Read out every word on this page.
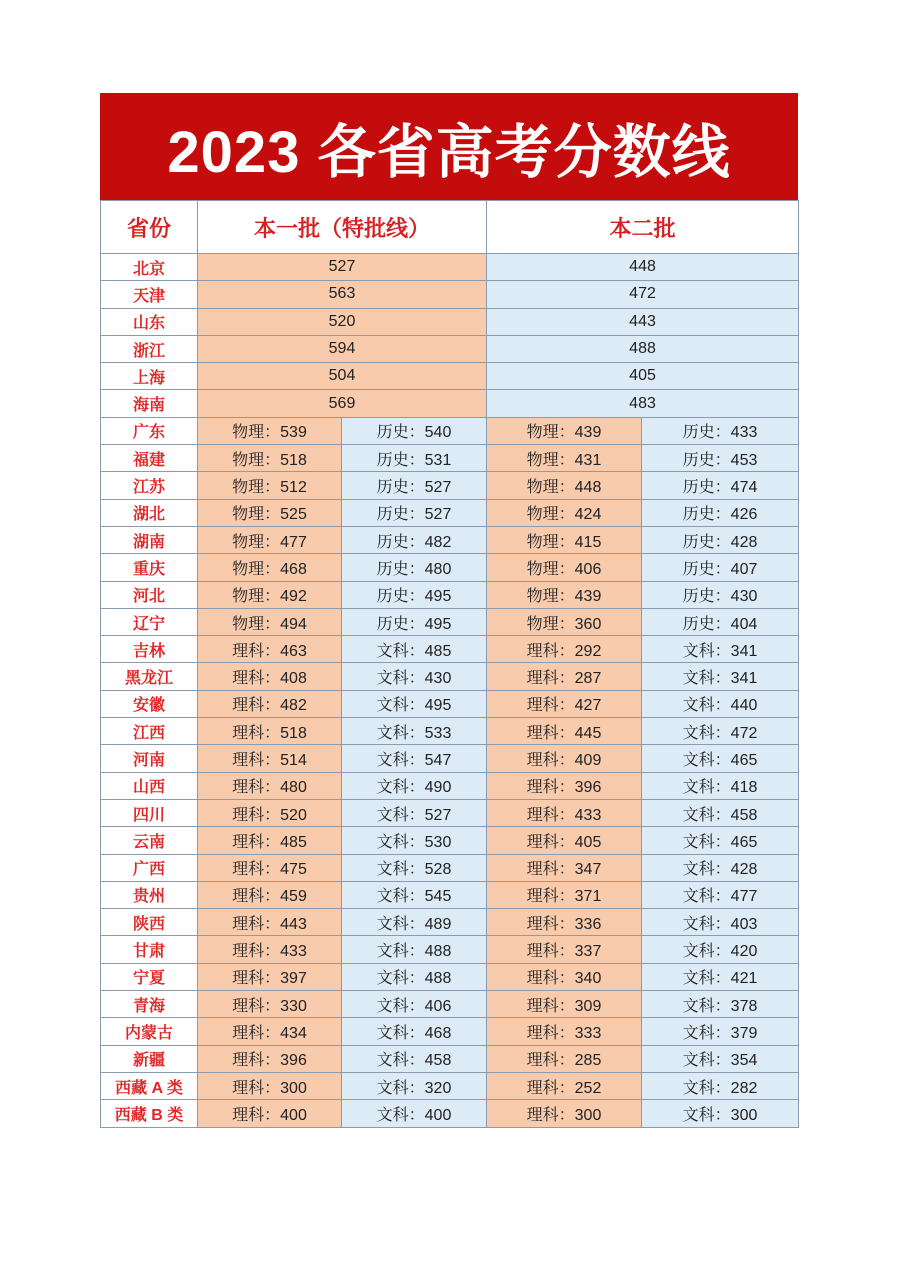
2023 各省高考分数线
省份	本一批（特批线）		本二批	
北京	527		448	
天津	563		472	
山东	520		443	
浙江	594		488	
上海	504		405	
海南	569		483	
广东	物理：539	历史：540	物理：439	历史：433
福建	物理：518	历史：531	物理：431	历史：453
江苏	物理：512	历史：527	物理：448	历史：474
湖北	物理：525	历史：527	物理：424	历史：426
湖南	物理：477	历史：482	物理：415	历史：428
重庆	物理：468	历史：480	物理：406	历史：407
河北	物理：492	历史：495	物理：439	历史：430
辽宁	物理：494	历史：495	物理：360	历史：404
吉林	理科：463	文科：485	理科：292	文科：341
黑龙江	理科：408	文科：430	理科：287	文科：341
安徽	理科：482	文科：495	理科：427	文科：440
江西	理科：518	文科：533	理科：445	文科：472
河南	理科：514	文科：547	理科：409	文科：465
山西	理科：480	文科：490	理科：396	文科：418
四川	理科：520	文科：527	理科：433	文科：458
云南	理科：485	文科：530	理科：405	文科：465
广西	理科：475	文科：528	理科：347	文科：428
贵州	理科：459	文科：545	理科：371	文科：477
陕西	理科：443	文科：489	理科：336	文科：403
甘肃	理科：433	文科：488	理科：337	文科：420
宁夏	理科：397	文科：488	理科：340	文科：421
青海	理科：330	文科：406	理科：309	文科：378
内蒙古	理科：434	文科：468	理科：333	文科：379
新疆	理科：396	文科：458	理科：285	文科：354
西藏 A 类	理科：300	文科：320	理科：252	文科：282
西藏 B 类	理科：400	文科：400	理科：300	文科：300
